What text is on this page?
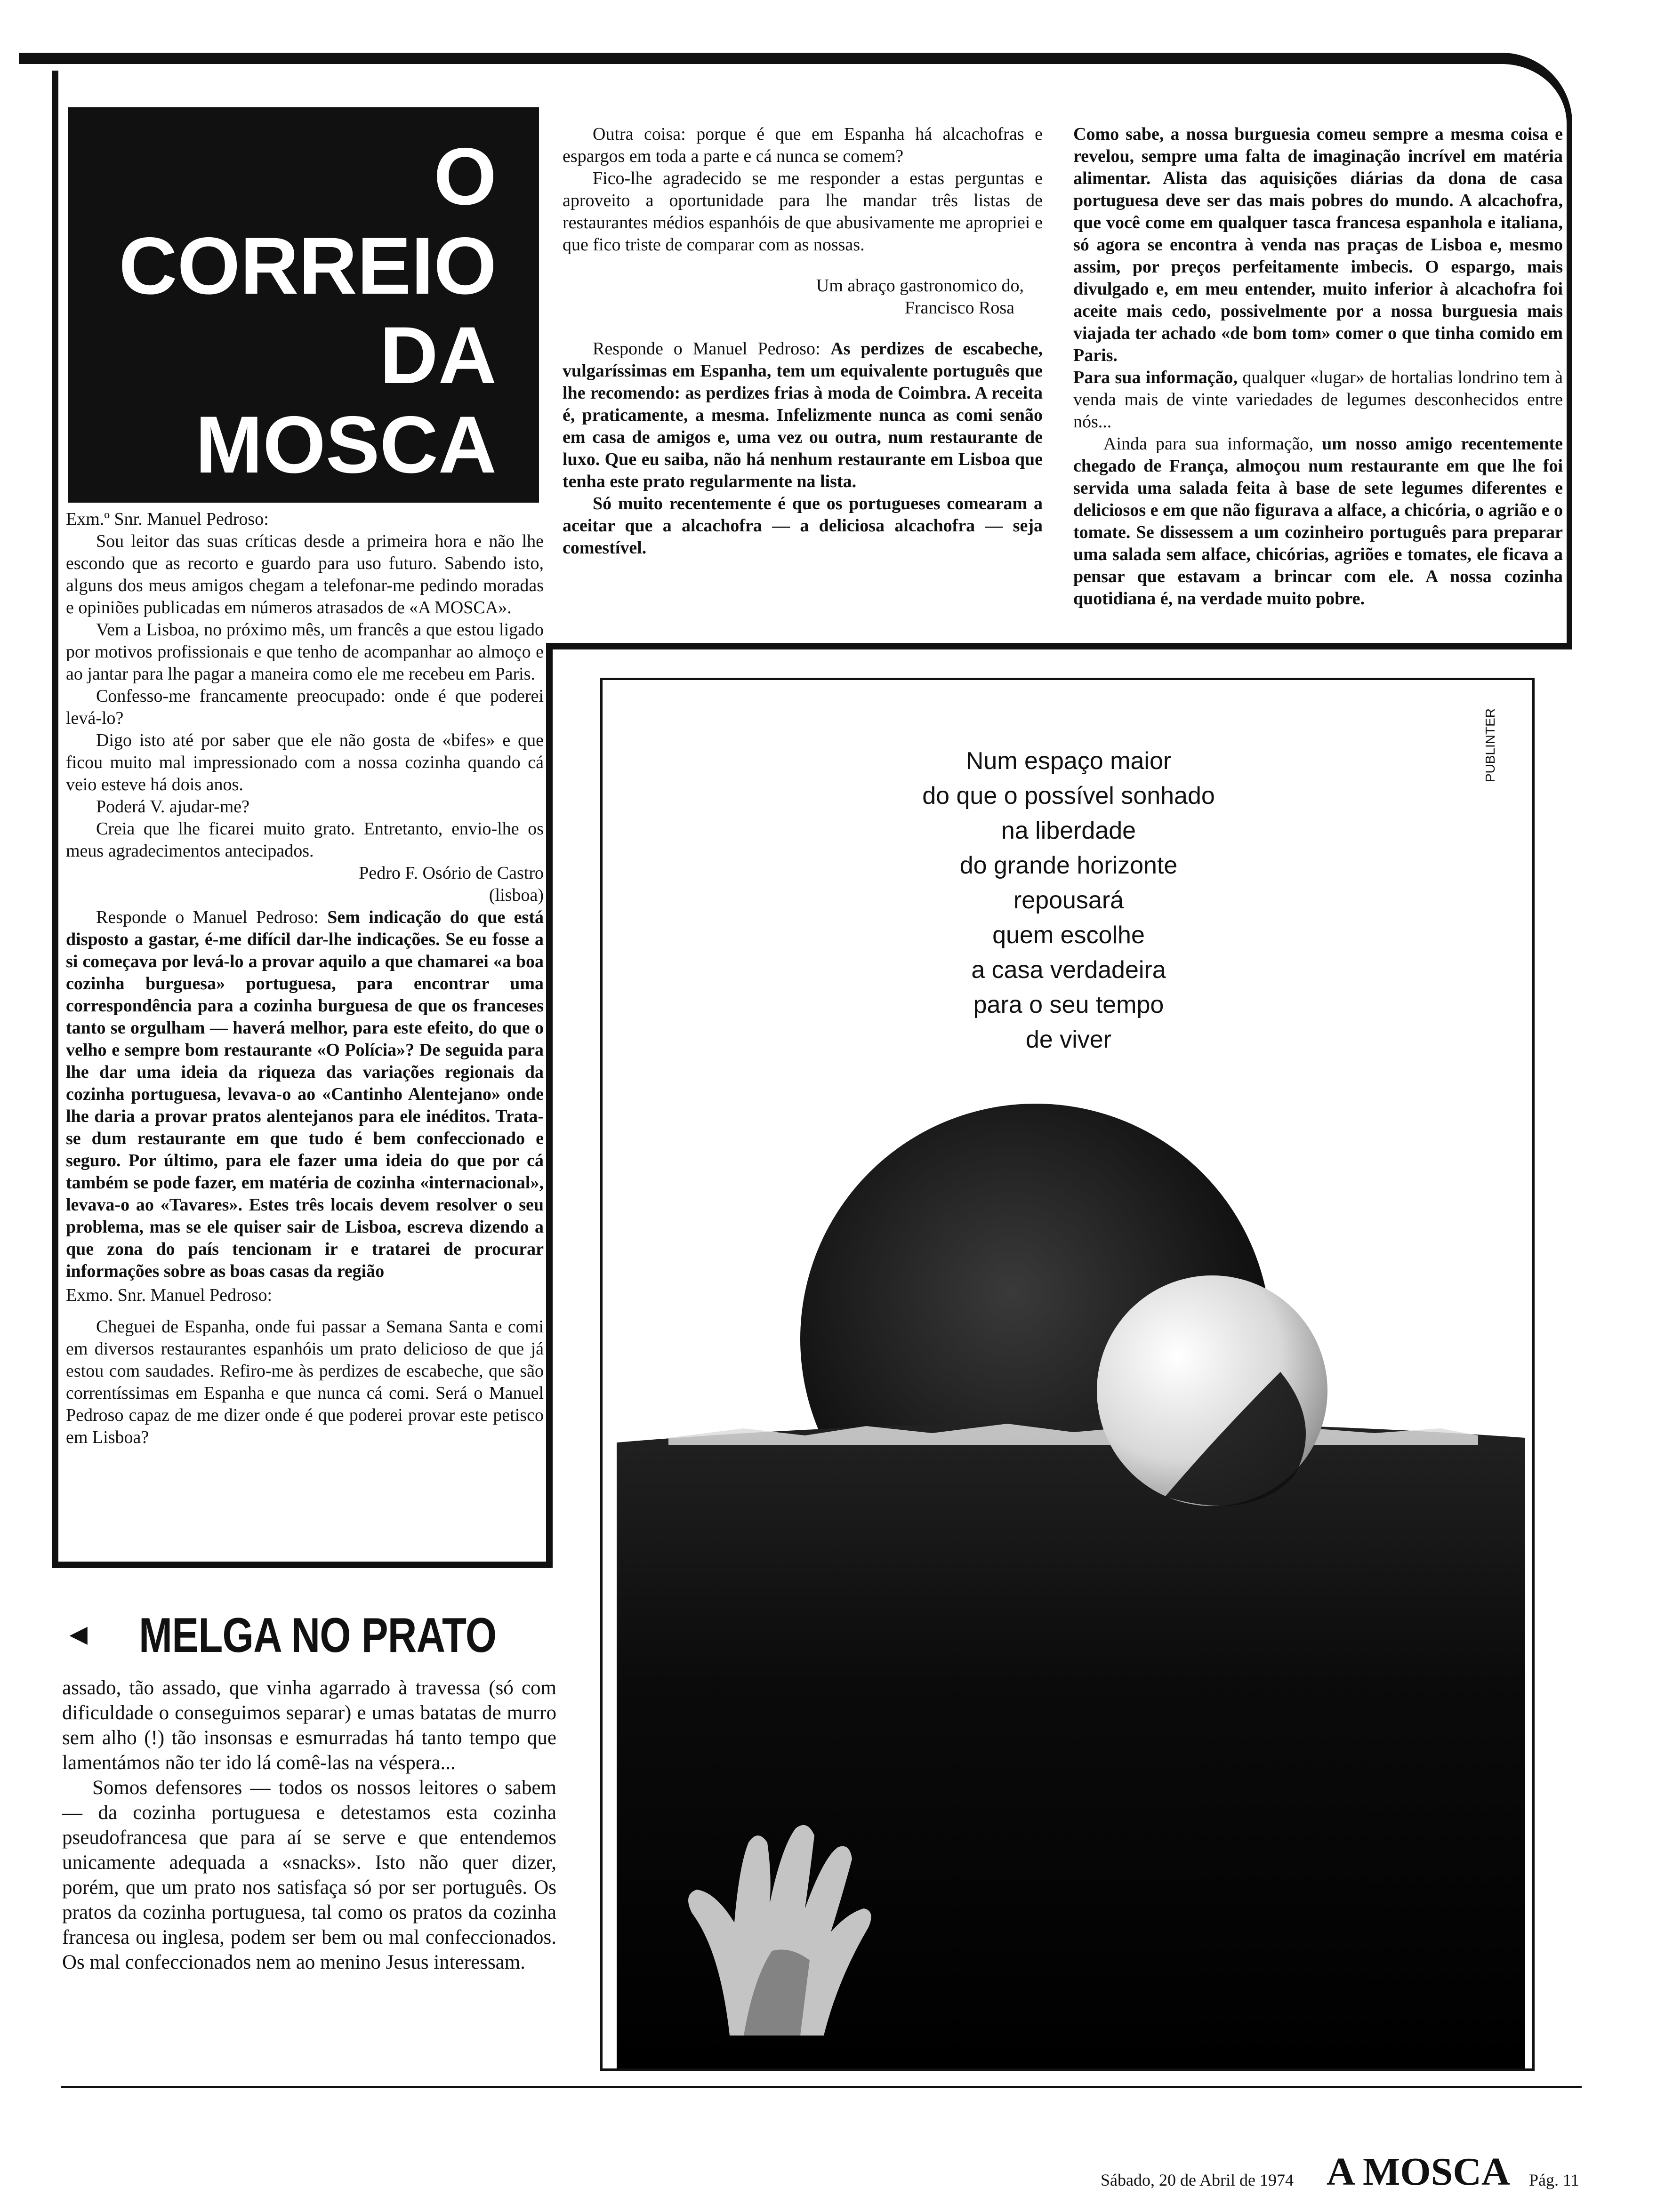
O
CORREIO
DA
MOSCA

Exm.º Snr. Manuel Pedroso:

Sou leitor das suas críticas desde a primeira hora e não lhe escondo que as recorto e guardo para uso futuro. Sabendo isto, alguns dos meus amigos chegam a telefonar-me pedindo moradas e opiniões publicadas em números atrasados de «A MOSCA».

Vem a Lisboa, no próximo mês, um francês a que estou ligado por motivos profissionais e que tenho de acompanhar ao almoço e ao jantar para lhe pagar a maneira como ele me recebeu em Paris.

Confesso-me francamente preocupado: onde é que poderei levá-lo?

Digo isto até por saber que ele não gosta de «bifes» e que ficou muito mal impressionado com a nossa cozinha quando cá veio esteve há dois anos.

Poderá V. ajudar-me?

Creia que lhe ficarei muito grato. Entretanto, envio-lhe os meus agradecimentos antecipados.

Pedro F. Osório de Castro

(lisboa)

Responde o Manuel Pedroso: Sem indicação do que está disposto a gastar, é-me difícil dar-lhe indicações. Se eu fosse a si começava por levá-lo a provar aquilo a que chamarei «a boa cozinha burguesa» portuguesa, para encontrar uma correspondência para a cozinha burguesa de que os franceses tanto se orgulham — haverá melhor, para este efeito, do que o velho e sempre bom restaurante «O Polícia»? De seguida para lhe dar uma ideia da riqueza das variações regionais da cozinha portuguesa, levava-o ao «Cantinho Alentejano» onde lhe daria a provar pratos alentejanos para ele inéditos. Trata-se dum restaurante em que tudo é bem confeccionado e seguro. Por último, para ele fazer uma ideia do que por cá também se pode fazer, em matéria de cozinha «internacional», levava-o ao «Tavares». Estes três locais devem resolver o seu problema, mas se ele quiser sair de Lisboa, escreva dizendo a que zona do país tencionam ir e tratarei de procurar informações sobre as boas casas da região

Exmo. Snr. Manuel Pedroso:

Cheguei de Espanha, onde fui passar a Semana Santa e comi em diversos restaurantes espanhóis um prato delicioso de que já estou com saudades. Refiro-me às perdizes de escabeche, que são correntíssimas em Espanha e que nunca cá comi. Será o Manuel Pedroso capaz de me dizer onde é que poderei provar este petisco em Lisboa?

Outra coisa: porque é que em Espanha há alcachofras e espargos em toda a parte e cá nunca se comem?

Fico-lhe agradecido se me responder a estas perguntas e aproveito a oportunidade para lhe mandar três listas de restaurantes médios espanhóis de que abusivamente me apropriei e que fico triste de comparar com as nossas.

Um abraço gastronomico do,

Francisco Rosa

Responde o Manuel Pedroso: As perdizes de escabeche, vulgaríssimas em Espanha, tem um equivalente português que lhe recomendo: as perdizes frias à moda de Coimbra. A receita é, praticamente, a mesma. Infelizmente nunca as comi senão em casa de amigos e, uma vez ou outra, num restaurante de luxo. Que eu saiba, não há nenhum restaurante em Lisboa que tenha este prato regularmente na lista.

Só muito recentemente é que os portugueses comearam a aceitar que a alcachofra — a deliciosa alcachofra — seja comestível.

Como sabe, a nossa burguesia comeu sempre a mesma coisa e revelou, sempre uma falta de imaginação incrível em matéria alimentar. Alista das aquisições diárias da dona de casa portuguesa deve ser das mais pobres do mundo. A alcachofra, que você come em qualquer tasca francesa espanhola e italiana, só agora se encontra à venda nas praças de Lisboa e, mesmo assim, por preços perfeitamente imbecis. O espargo, mais divulgado e, em meu entender, muito inferior à alcachofra foi aceite mais cedo, possivelmente por a nossa burguesia mais viajada ter achado «de bom tom» comer o que tinha comido em Paris.

Para sua informação, qualquer «lugar» de hortalias londrino tem à venda mais de vinte variedades de legumes desconhecidos entre nós...

Ainda para sua informação, um nosso amigo recentemente chegado de França, almoçou num restaurante em que lhe foi servida uma salada feita à base de sete legumes diferentes e deliciosos e em que não figurava a alface, a chicória, o agrião e o tomate. Se dissessem a um cozinheiro português para preparar uma salada sem alface, chicórias, agriões e tomates, ele ficava a pensar que estavam a brincar com ele. A nossa cozinha quotidiana é, na verdade muito pobre.

PUBLINTER
Num espaço maior
do que o possível sonhado
na liberdade
do grande horizonte
repousará
quem escolhe
a casa verdadeira
para o seu tempo
de viver
◄ MELGA NO PRATO

assado, tão assado, que vinha agarrado à travessa (só com dificuldade o conseguimos separar) e umas batatas de murro sem alho (!) tão insonsas e esmurradas há tanto tempo que lamentámos não ter ido lá comê-las na véspera...

Somos defensores — todos os nossos leitores o sabem — da cozinha portuguesa e detestamos esta cozinha pseudofrancesa que para aí se serve e que entendemos unicamente adequada a «snacks». Isto não quer dizer, porém, que um prato nos satisfaça só por ser português. Os pratos da cozinha portuguesa, tal como os pratos da cozinha francesa ou inglesa, podem ser bem ou mal confeccionados. Os mal confeccionados nem ao menino Jesus interessam.

Sábado, 20 de Abril de 1974 A MOSCA Pág. 11
